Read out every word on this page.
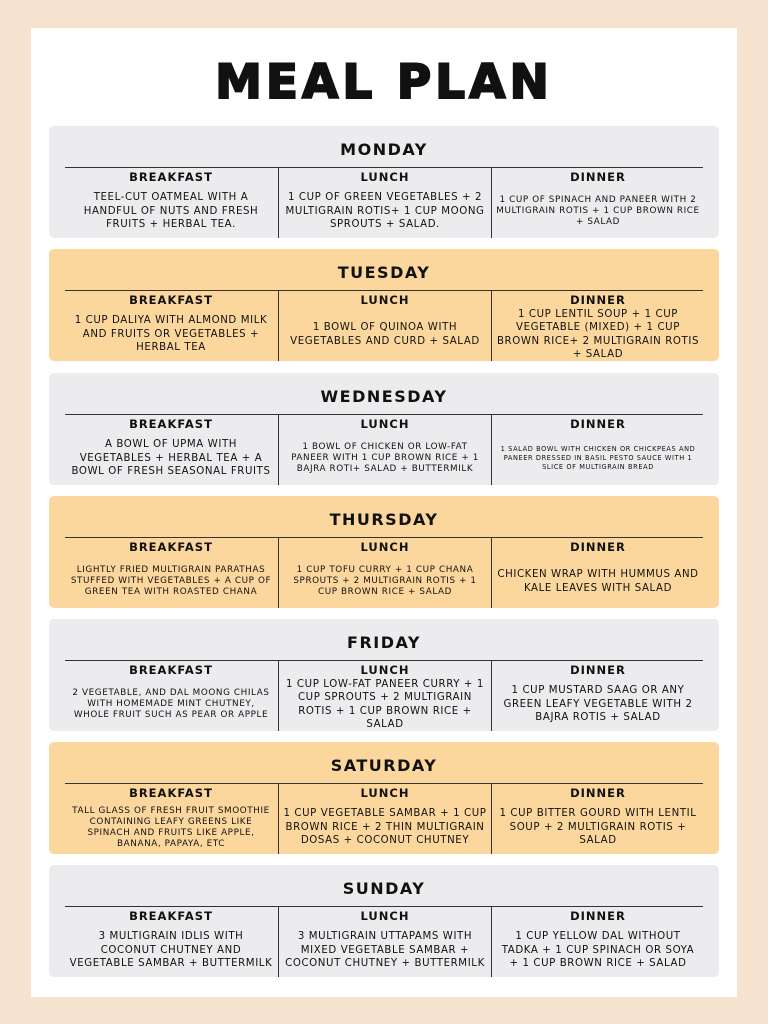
MEAL PLAN
MONDAY
BREAKFAST
TEEL-CUT OATMEAL WITH A HANDFUL OF NUTS AND FRESH FRUITS + HERBAL TEA.
LUNCH
1 CUP OF GREEN VEGETABLES + 2 MULTIGRAIN ROTIS+ 1 CUP MOONG SPROUTS + SALAD.
DINNER
1 CUP OF SPINACH AND PANEER WITH 2 MULTIGRAIN ROTIS + 1 CUP BROWN RICE + SALAD
TUESDAY
BREAKFAST
1 CUP DALIYA WITH ALMOND MILK AND FRUITS OR VEGETABLES + HERBAL TEA
LUNCH
1 BOWL OF QUINOA WITH VEGETABLES AND CURD + SALAD
DINNER
1 CUP LENTIL SOUP + 1 CUP VEGETABLE (MIXED) + 1 CUP BROWN RICE+ 2 MULTIGRAIN ROTIS + SALAD
WEDNESDAY
BREAKFAST
A BOWL OF UPMA WITH VEGETABLES + HERBAL TEA + A BOWL OF FRESH SEASONAL FRUITS
LUNCH
1 BOWL OF CHICKEN OR LOW-FAT PANEER WITH 1 CUP BROWN RICE + 1 BAJRA ROTI+ SALAD + BUTTERMILK
DINNER
1 SALAD BOWL WITH CHICKEN OR CHICKPEAS AND PANEER DRESSED IN BASIL PESTO SAUCE WITH 1 SLICE OF MULTIGRAIN BREAD
THURSDAY
BREAKFAST
LIGHTLY FRIED MULTIGRAIN PARATHAS STUFFED WITH VEGETABLES + A CUP OF GREEN TEA WITH ROASTED CHANA
LUNCH
1 CUP TOFU CURRY + 1 CUP CHANA SPROUTS + 2 MULTIGRAIN ROTIS + 1 CUP BROWN RICE + SALAD
DINNER
CHICKEN WRAP WITH HUMMUS AND KALE LEAVES WITH SALAD
FRIDAY
BREAKFAST
2 VEGETABLE, AND DAL MOONG CHILAS WITH HOMEMADE MINT CHUTNEY, WHOLE FRUIT SUCH AS PEAR OR APPLE
LUNCH
1 CUP LOW-FAT PANEER CURRY + 1 CUP SPROUTS + 2 MULTIGRAIN ROTIS + 1 CUP BROWN RICE + SALAD
DINNER
1 CUP MUSTARD SAAG OR ANY GREEN LEAFY VEGETABLE WITH 2 BAJRA ROTIS + SALAD
SATURDAY
BREAKFAST
TALL GLASS OF FRESH FRUIT SMOOTHIE CONTAINING LEAFY GREENS LIKE SPINACH AND FRUITS LIKE APPLE, BANANA, PAPAYA, ETC
LUNCH
1 CUP VEGETABLE SAMBAR + 1 CUP BROWN RICE + 2 THIN MULTIGRAIN DOSAS + COCONUT CHUTNEY
DINNER
1 CUP BITTER GOURD WITH LENTIL SOUP + 2 MULTIGRAIN ROTIS + SALAD
SUNDAY
BREAKFAST
3 MULTIGRAIN IDLIS WITH COCONUT CHUTNEY AND VEGETABLE SAMBAR + BUTTERMILK
LUNCH
3 MULTIGRAIN UTTAPAMS WITH MIXED VEGETABLE SAMBAR + COCONUT CHUTNEY + BUTTERMILK
DINNER
1 CUP YELLOW DAL WITHOUT TADKA + 1 CUP SPINACH OR SOYA + 1 CUP BROWN RICE + SALAD
